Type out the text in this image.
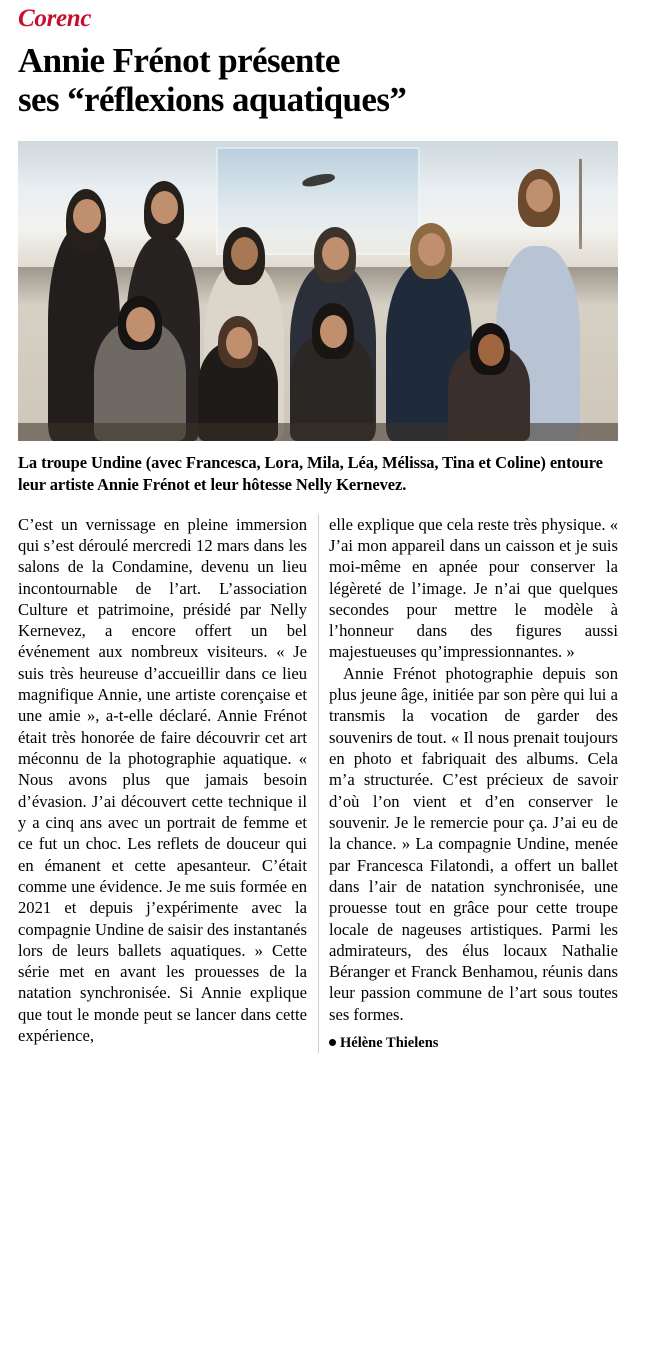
Corenc
Annie Frénot présente
ses “réflexions aquatiques”
La troupe Undine (avec Francesca, Lora, Mila, Léa, Mélissa, Tina et Coline) entoure leur artiste Annie Frénot et leur hôtesse Nelly Kernevez.

C’est un vernissage en pleine immersion qui s’est déroulé mercredi 12 mars dans les salons de la Condamine, devenu un lieu incontournable de l’art. L’association Culture et patrimoine, présidé par Nelly Kernevez, a encore offert un bel événement aux nombreux visiteurs. « Je suis très heureuse d’accueillir dans ce lieu magnifique Annie, une artiste corençaise et une amie », a-t-elle déclaré. Annie Frénot était très honorée de faire découvrir cet art méconnu de la photographie aquatique. « Nous avons plus que jamais besoin d’évasion. J’ai découvert cette technique il y a cinq ans avec un portrait de femme et ce fut un choc. Les reflets de douceur qui en émanent et cette apesanteur. C’était comme une évidence. Je me suis formée en 2021 et depuis j’expérimente avec la compagnie Undine de saisir des instantanés lors de leurs ballets aquatiques. » Cette série met en avant les prouesses de la natation synchronisée. Si Annie explique que tout le monde peut se lancer dans cette expérience,

elle explique que cela reste très physique. « J’ai mon appareil dans un caisson et je suis moi-même en apnée pour conserver la légèreté de l’image. Je n’ai que quelques secondes pour mettre le modèle à l’honneur dans des figures aussi majestueuses qu’impressionnantes. »

Annie Frénot photographie depuis son plus jeune âge, initiée par son père qui lui a transmis la vocation de garder des souvenirs de tout. « Il nous prenait toujours en photo et fabriquait des albums. Cela m’a structurée. C’est précieux de savoir d’où l’on vient et d’en conserver le souvenir. Je le remercie pour ça. J’ai eu de la chance. » La compagnie Undine, menée par Francesca Filatondi, a offert un ballet dans l’air de natation synchronisée, une prouesse tout en grâce pour cette troupe locale de nageuses artistiques. Parmi les admirateurs, des élus locaux Nathalie Béranger et Franck Benhamou, réunis dans leur passion commune de l’art sous toutes ses formes.

Hélène Thielens
